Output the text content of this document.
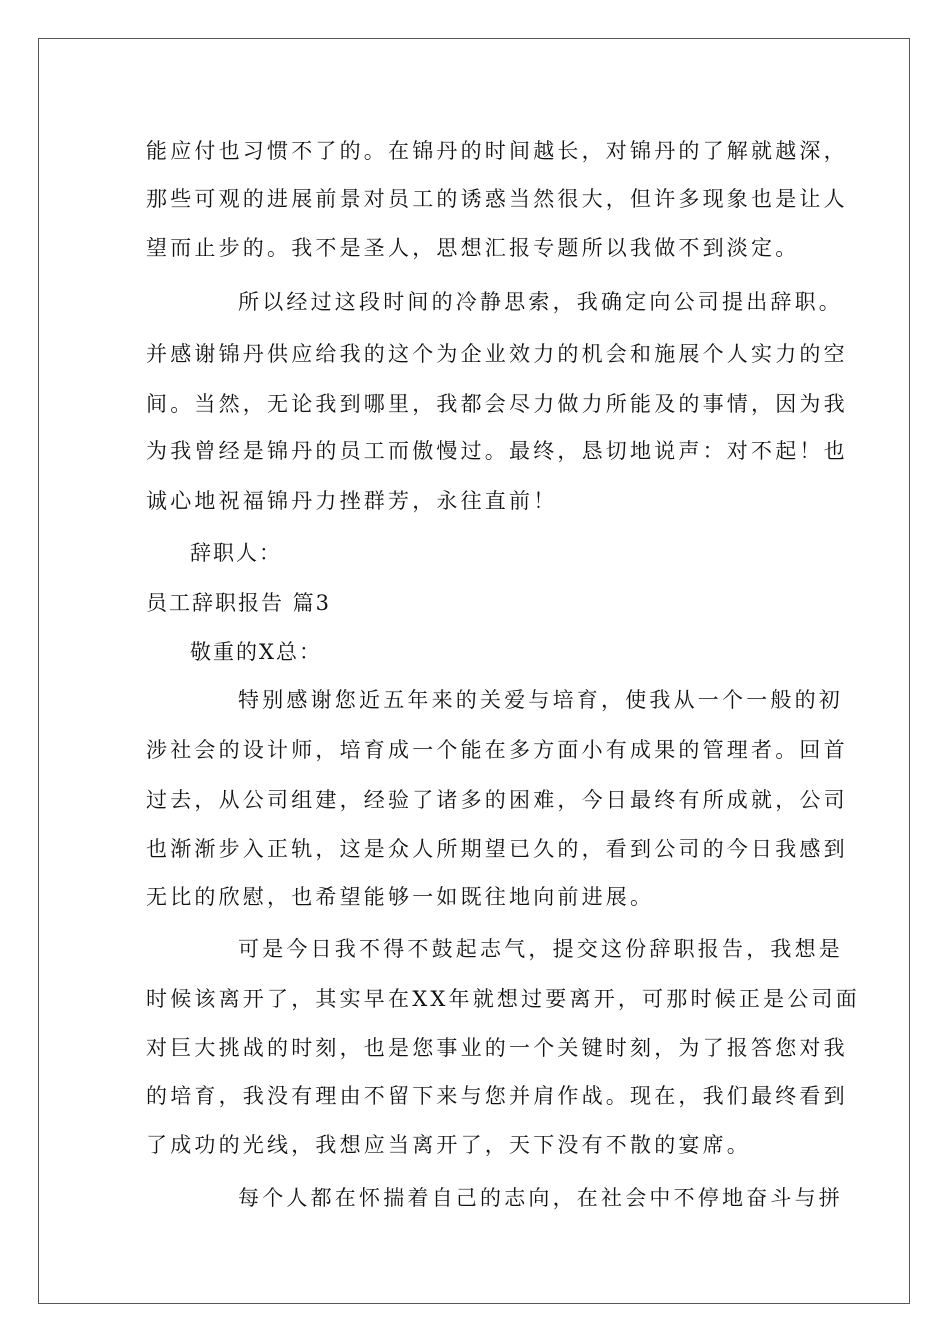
能应付也习惯不了的。在锦丹的时间越长，对锦丹的了解就越深，
那些可观的进展前景对员工的诱惑当然很大，但许多现象也是让人
望而止步的。我不是圣人，思想汇报专题所以我做不到淡定。
所以经过这段时间的冷静思索，我确定向公司提出辞职。
并感谢锦丹供应给我的这个为企业效力的机会和施展个人实力的空
间。当然，无论我到哪里，我都会尽力做力所能及的事情，因为我
为我曾经是锦丹的员工而傲慢过。最终，恳切地说声：对不起！也
诚心地祝福锦丹力挫群芳，永往直前！
辞职人：
员工辞职报告 篇3
敬重的X总：
特别感谢您近五年来的关爱与培育，使我从一个一般的初
涉社会的设计师，培育成一个能在多方面小有成果的管理者。回首
过去，从公司组建，经验了诸多的困难，今日最终有所成就，公司
也渐渐步入正轨，这是众人所期望已久的，看到公司的今日我感到
无比的欣慰，也希望能够一如既往地向前进展。
可是今日我不得不鼓起志气，提交这份辞职报告，我想是
时候该离开了，其实早在XX年就想过要离开，可那时候正是公司面
对巨大挑战的时刻，也是您事业的一个关键时刻，为了报答您对我
的培育，我没有理由不留下来与您并肩作战。现在，我们最终看到
了成功的光线，我想应当离开了，天下没有不散的宴席。
每个人都在怀揣着自己的志向，在社会中不停地奋斗与拼
